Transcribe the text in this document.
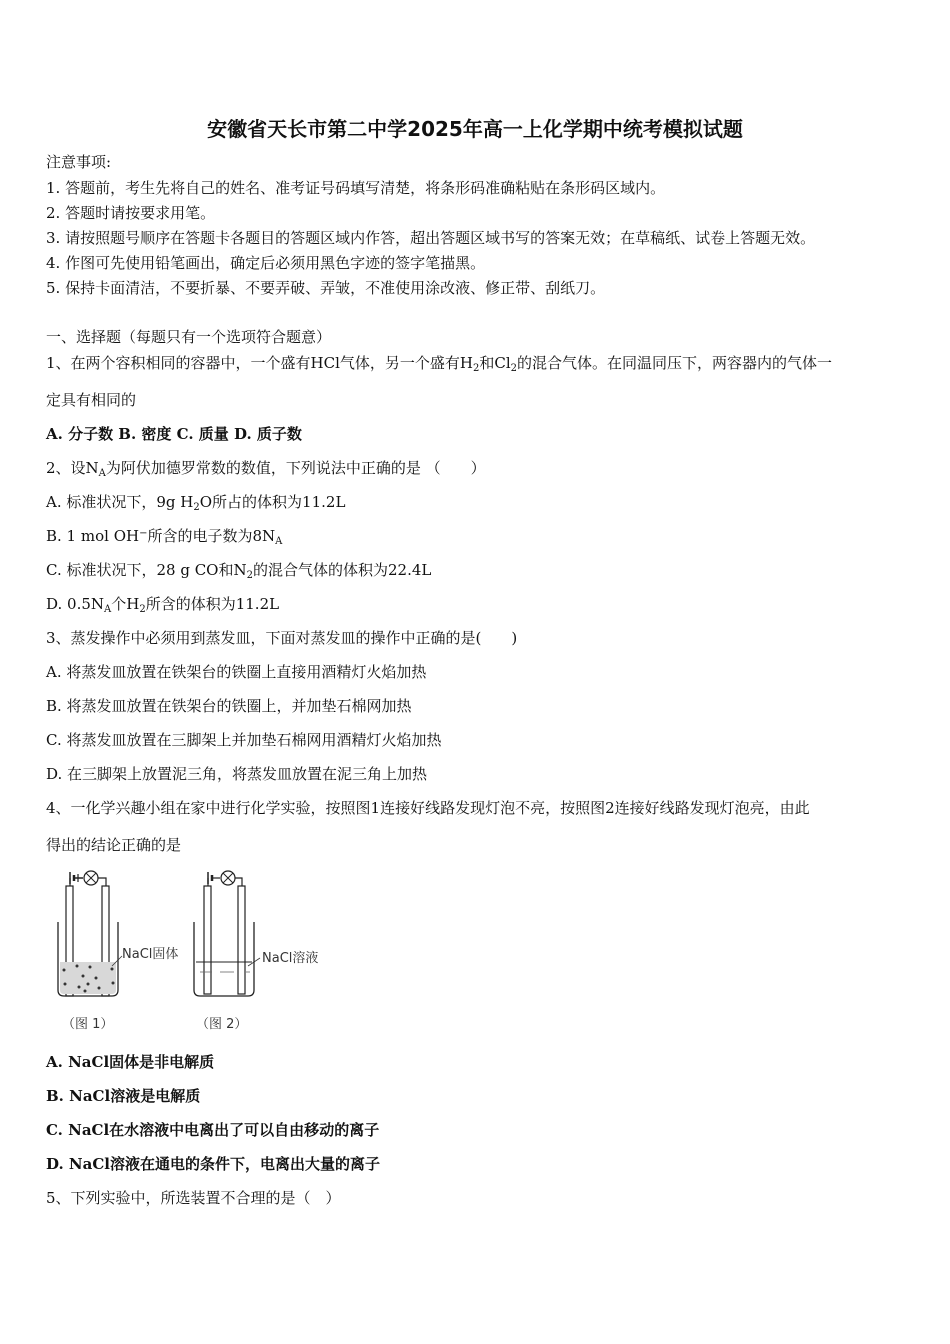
安徽省天长市第二中学2025年高一上化学期中统考模拟试题
注意事项:
1. 答题前，考生先将自己的姓名、准考证号码填写清楚，将条形码准确粘贴在条形码区域内。
2. 答题时请按要求用笔。
3. 请按照题号顺序在答题卡各题目的答题区域内作答，超出答题区域书写的答案无效；在草稿纸、试卷上答题无效。
4. 作图可先使用铅笔画出，确定后必须用黑色字迹的签字笔描黑。
5. 保持卡面清洁，不要折暴、不要弄破、弄皱，不准使用涂改液、修正带、刮纸刀。
一、选择题（每题只有一个选项符合题意）
1、在两个容积相同的容器中，一个盛有HCl气体，另一个盛有$H_2$和$Cl_2$的混合气体。在同温同压下，两容器内的气体一
定具有相同的
A. 分子数 B. 密度 C. 质量 D. 质子数
2、设$N_A$为阿伏加德罗常数的数值，下列说法中正确的是 （　　）
A. 标准状况下，9g $H_2O$所占的体积为11.2L
B. 1 mol OH−所含的电子数为$8N_A$
C. 标准状况下，28 g CO和$N_2$的混合气体的体积为22.4L
D. $0.5N_A$个$H_2$所含的体积为11.2L
3、蒸发操作中必须用到蒸发皿，下面对蒸发皿的操作中正确的是(　　)
A. 将蒸发皿放置在铁架台的铁圈上直接用酒精灯火焰加热
B. 将蒸发皿放置在铁架台的铁圈上，并加垫石棉网加热
C. 将蒸发皿放置在三脚架上并加垫石棉网用酒精灯火焰加热
D. 在三脚架上放置泥三角，将蒸发皿放置在泥三角上加热
4、一化学兴趣小组在家中进行化学实验，按照图1连接好线路发现灯泡不亮，按照图2连接好线路发现灯泡亮，由此
得出的结论正确的是
NaCl固体
（图 1）
NaCl溶液
（图 2）
A. NaCl固体是非电解质
B. NaCl溶液是电解质
C. NaCl在水溶液中电离出了可以自由移动的离子
D. NaCl溶液在通电的条件下，电离出大量的离子
5、下列实验中，所选装置不合理的是（　）
